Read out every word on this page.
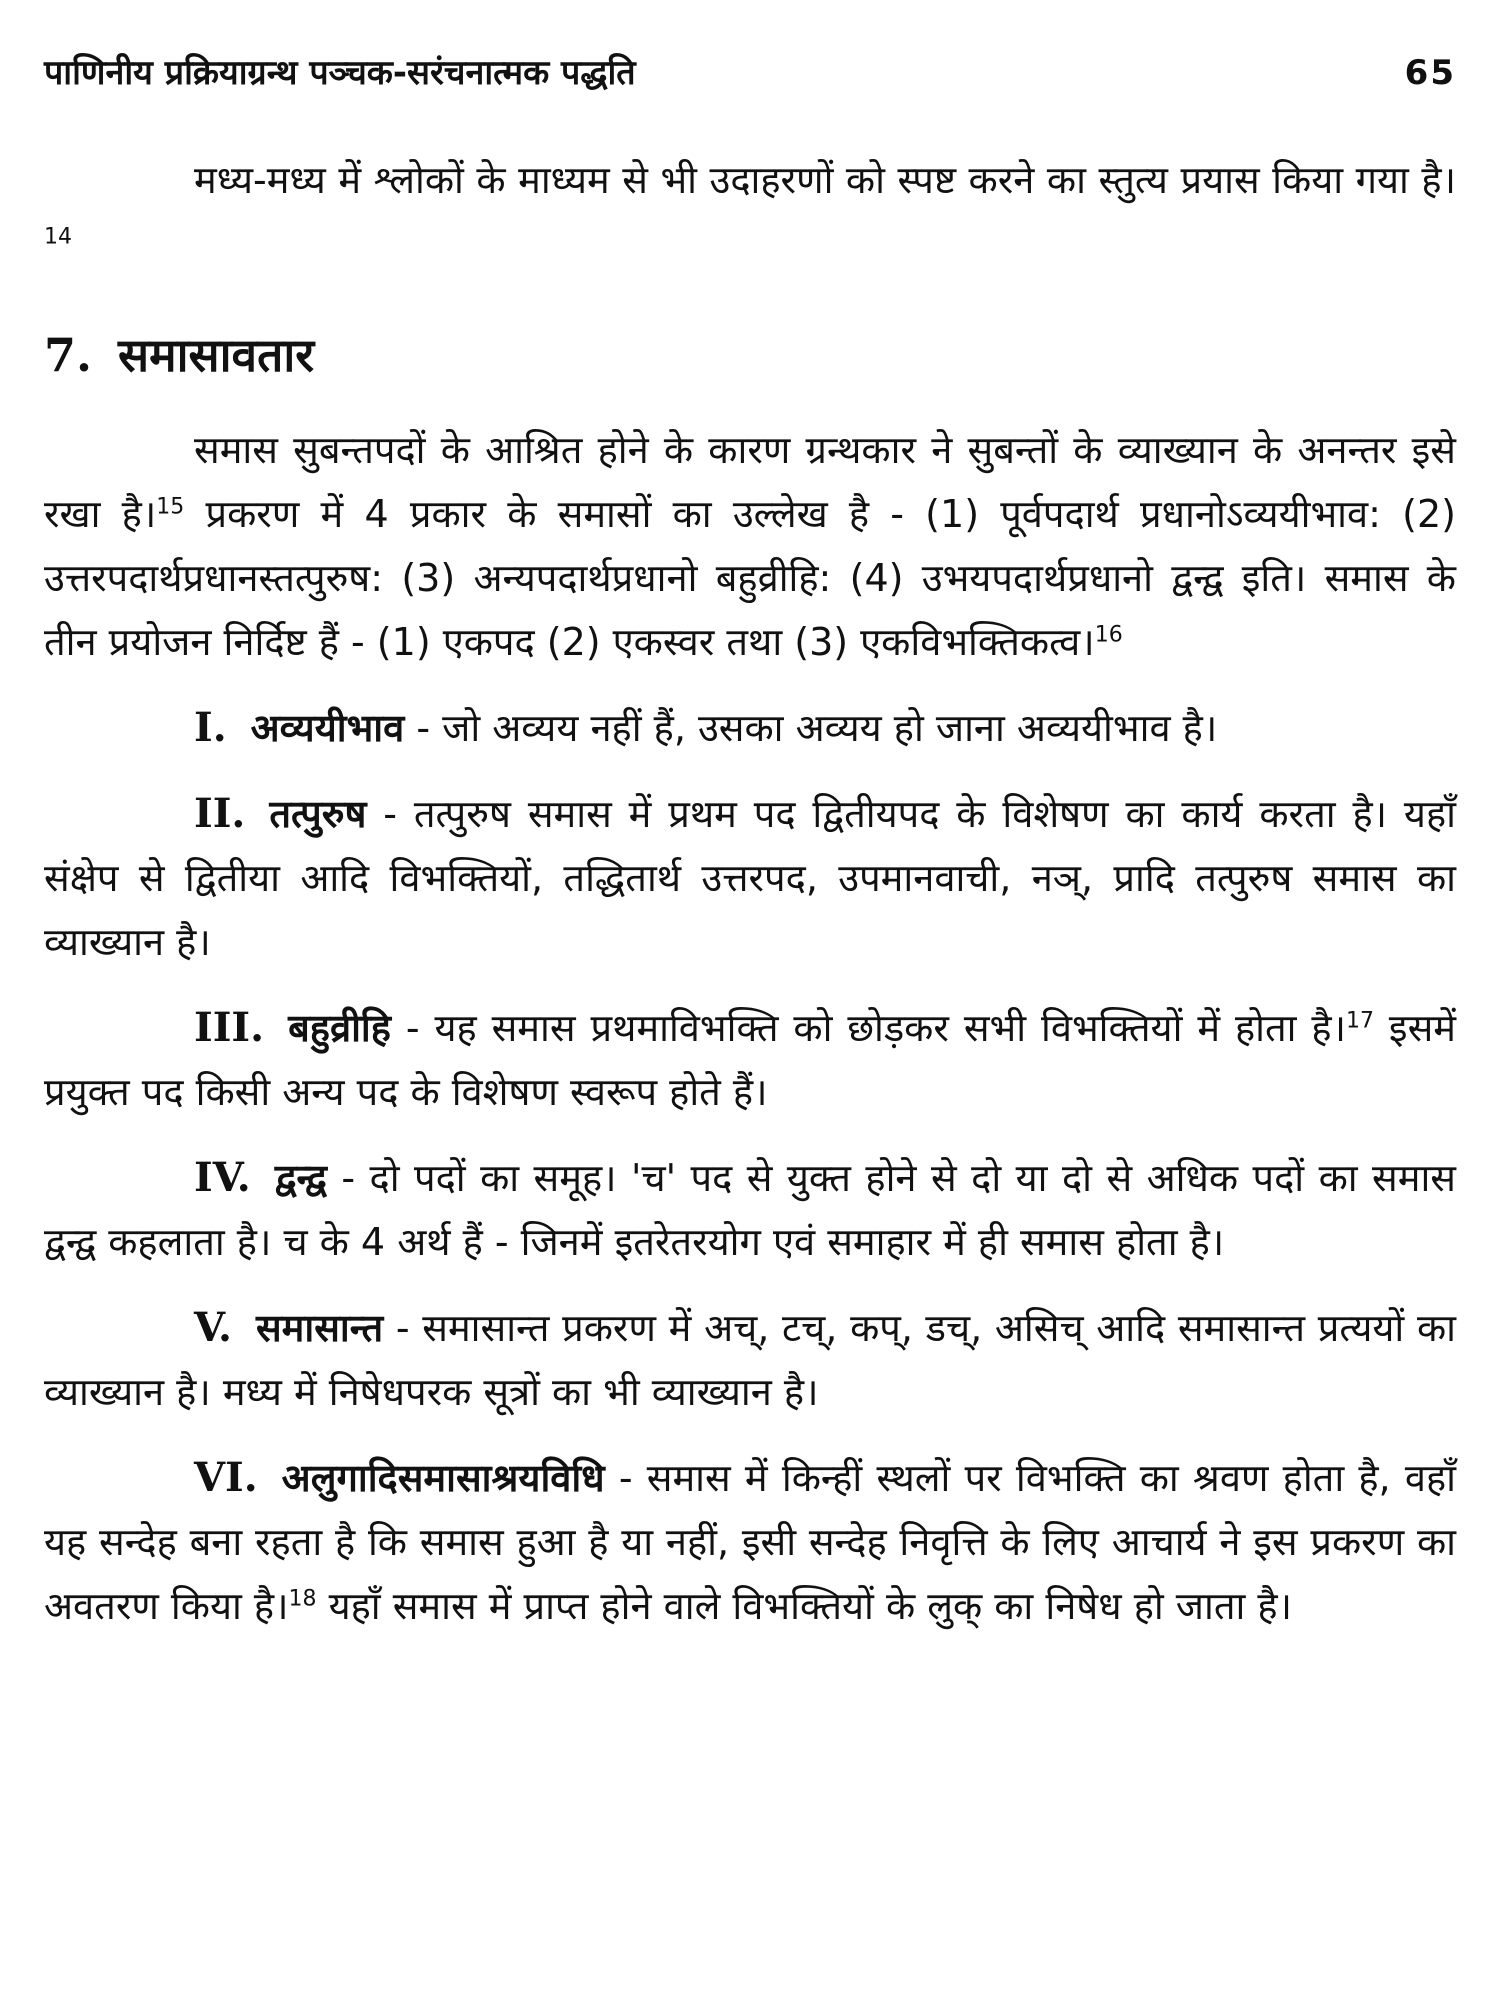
पाणिनीय प्रक्रियाग्रन्थ पञ्चक-सरंचनात्मक पद्धति	65

मध्य-मध्य में श्लोकों के माध्यम से भी उदाहरणों को स्पष्ट करने का स्तुत्य प्रयास किया गया है।$^{14}$

7. समासावतार

समास सुबन्तपदों के आश्रित होने के कारण ग्रन्थकार ने सुबन्तों के व्याख्यान के अनन्तर इसे रखा है।$^{15}$ प्रकरण में 4 प्रकार के समासों का उल्लेख है - (1) पूर्वपदार्थ प्रधानोऽव्ययीभाव: (2) उत्तरपदार्थप्रधानस्तत्पुरुष: (3) अन्यपदार्थप्रधानो बहुव्रीहि: (4) उभयपदार्थप्रधानो द्वन्द्व इति। समास के तीन प्रयोजन निर्दिष्ट हैं - (1) एकपद (2) एकस्वर तथा (3) एकविभक्तिकत्व।$^{16}$

I. अव्ययीभाव - जो अव्यय नहीं हैं, उसका अव्यय हो जाना अव्ययीभाव है।

II. तत्पुरुष - तत्पुरुष समास में प्रथम पद द्वितीयपद के विशेषण का कार्य करता है। यहाँ संक्षेप से द्वितीया आदि विभक्तियों, तद्धितार्थ उत्तरपद, उपमानवाची, नञ्, प्रादि तत्पुरुष समास का व्याख्यान है।

III. बहुव्रीहि - यह समास प्रथमाविभक्ति को छोड़कर सभी विभक्तियों में होता है।$^{17}$ इसमें प्रयुक्त पद किसी अन्य पद के विशेषण स्वरूप होते हैं।

IV. द्वन्द्व - दो पदों का समूह। 'च' पद से युक्त होने से दो या दो से अधिक पदों का समास द्वन्द्व कहलाता है। च के 4 अर्थ हैं - जिनमें इतरेतरयोग एवं समाहार में ही समास होता है।

V. समासान्त - समासान्त प्रकरण में अच्, टच्, कप्, डच्, असिच् आदि समासान्त प्रत्ययों का व्याख्यान है। मध्य में निषेधपरक सूत्रों का भी व्याख्यान है।

VI. अलुगादिसमासाश्रयविधि - समास में किन्हीं स्थलों पर विभक्ति का श्रवण होता है, वहाँ यह सन्देह बना रहता है कि समास हुआ है या नहीं, इसी सन्देह निवृत्ति के लिए आचार्य ने इस प्रकरण का अवतरण किया है।$^{18}$ यहाँ समास में प्राप्त होने वाले विभक्तियों के लुक् का निषेध हो जाता है।
